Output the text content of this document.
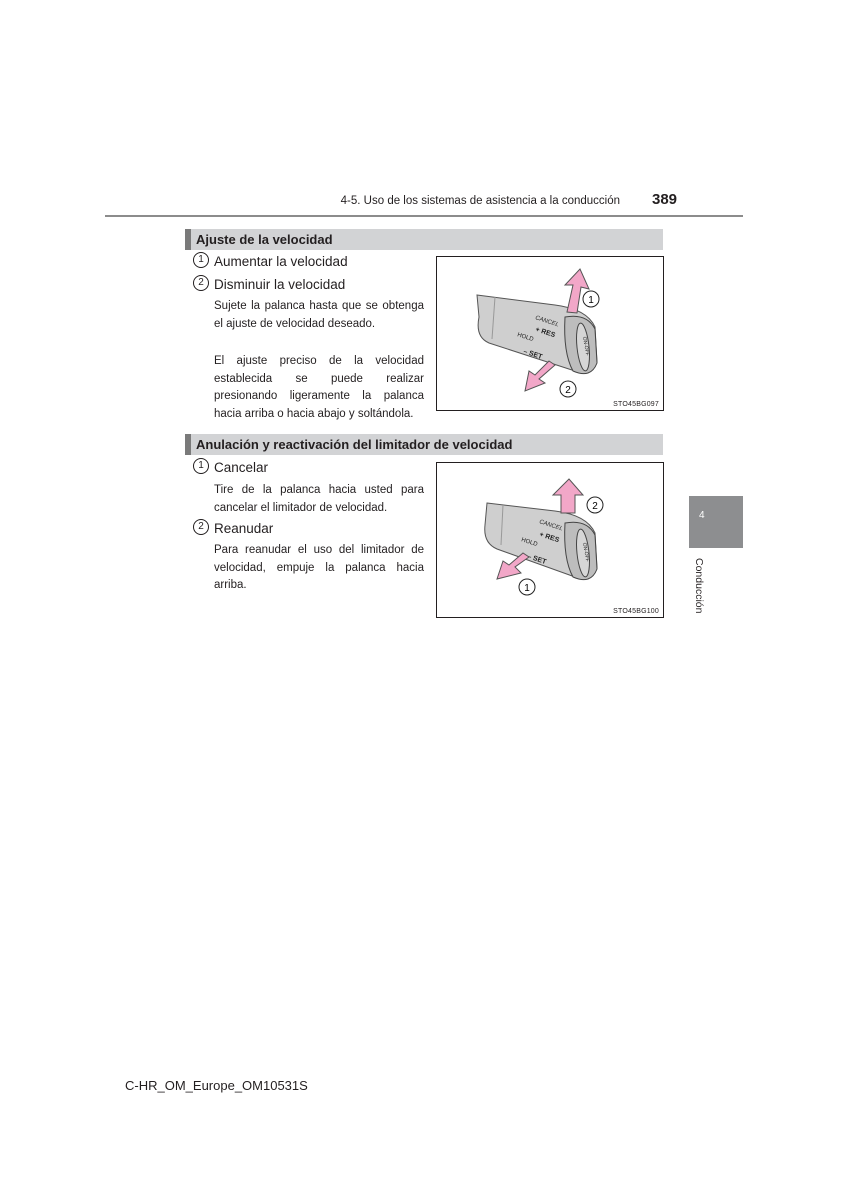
4-5. Uso de los sistemas de asistencia a la conducción 389
Ajuste de la velocidad
1 Aumentar la velocidad
2 Disminuir la velocidad
Sujete la palanca hasta que se obtenga el ajuste de velocidad deseado.
El ajuste preciso de la velocidad establecida se puede realizar presionando ligeramente la palanca hacia arriba o hacia abajo y soltándola.
CANCEL
+ RES
HOLD
– SET	ON-OFF
1
2
STO45BG097
Anulación y reactivación del limitador de velocidad
1 Cancelar
Tire de la palanca hacia usted para cancelar el limitador de velocidad.
2 Reanudar
Para reanudar el uso del limitador de velocidad, empuje la palanca hacia arriba.
CANCEL
+ RES
HOLD
– SET	ON-OFF
2
1
STO45BG100
4
Conducción
C-HR_OM_Europe_OM10531S
